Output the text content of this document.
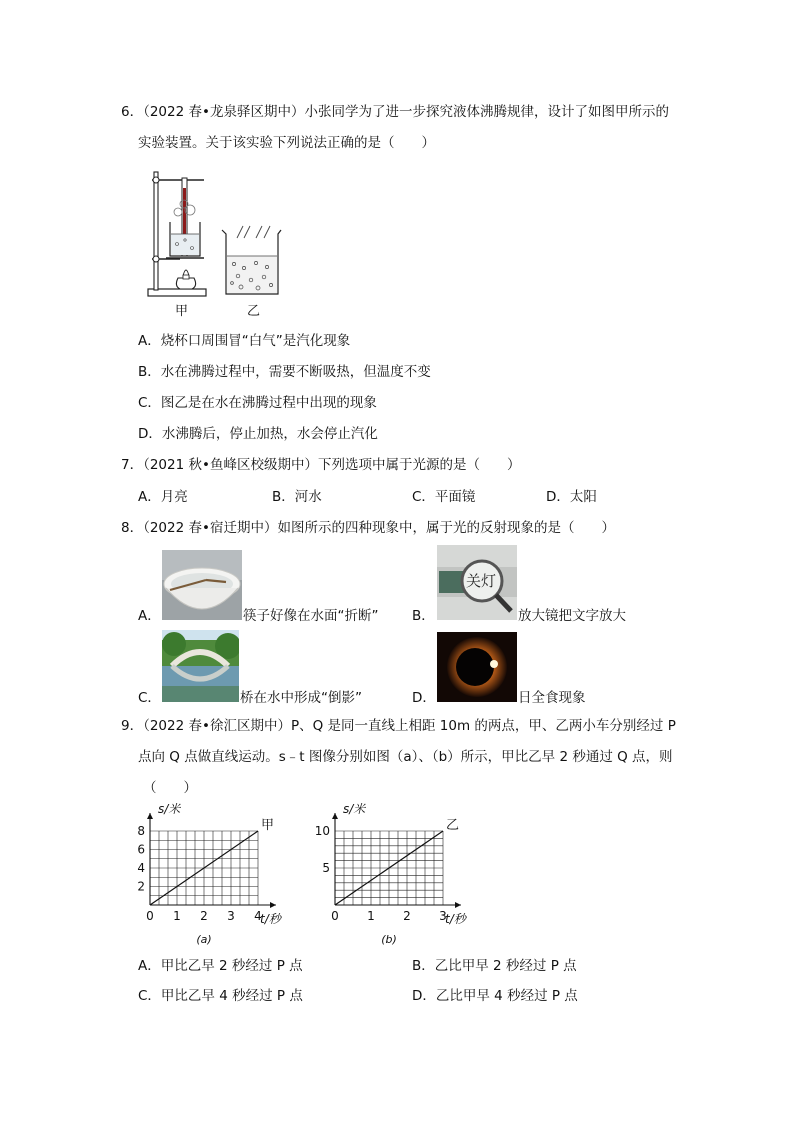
6．（2022 春•龙泉驿区期中）小张同学为了进一步探究液体沸腾规律，设计了如图甲所示的
实验装置。关于该实验下列说法正确的是（　　）
甲	乙
A．烧杯口周围冒“白气”是汽化现象
B．水在沸腾过程中，需要不断吸热，但温度不变
C．图乙是在水在沸腾过程中出现的现象
D．水沸腾后，停止加热，水会停止汽化
7．（2021 秋•鱼峰区校级期中）下列选项中属于光源的是（　　）
A．月亮	B．河水	C．平面镜	D．太阳
8．（2022 春•宿迁期中）如图所示的四种现象中，属于光的反射现象的是（　　）
A．	筷子好像在水面“折断” B．
关灯
放大镜把文字放大
C．	桥在水中形成“倒影”	D．	日全食现象
9．（2022 春•徐汇区期中）P、Q 是同一直线上相距 10m 的两点，甲、乙两小车分别经过 P
点向 Q 点做直线运动。s﹣t 图像分别如图（a）、（b）所示，甲比乙早 2 秒通过 Q 点，则
（　　）
0 1 2 3 4
2
4
6
8
s/米
t/秒
甲
(a)
0 1 2 3
5
10
s/米
t/秒
乙
(b)
A．甲比乙早 2 秒经过 P 点	B．乙比甲早 2 秒经过 P 点
C．甲比乙早 4 秒经过 P 点	D．乙比甲早 4 秒经过 P 点
